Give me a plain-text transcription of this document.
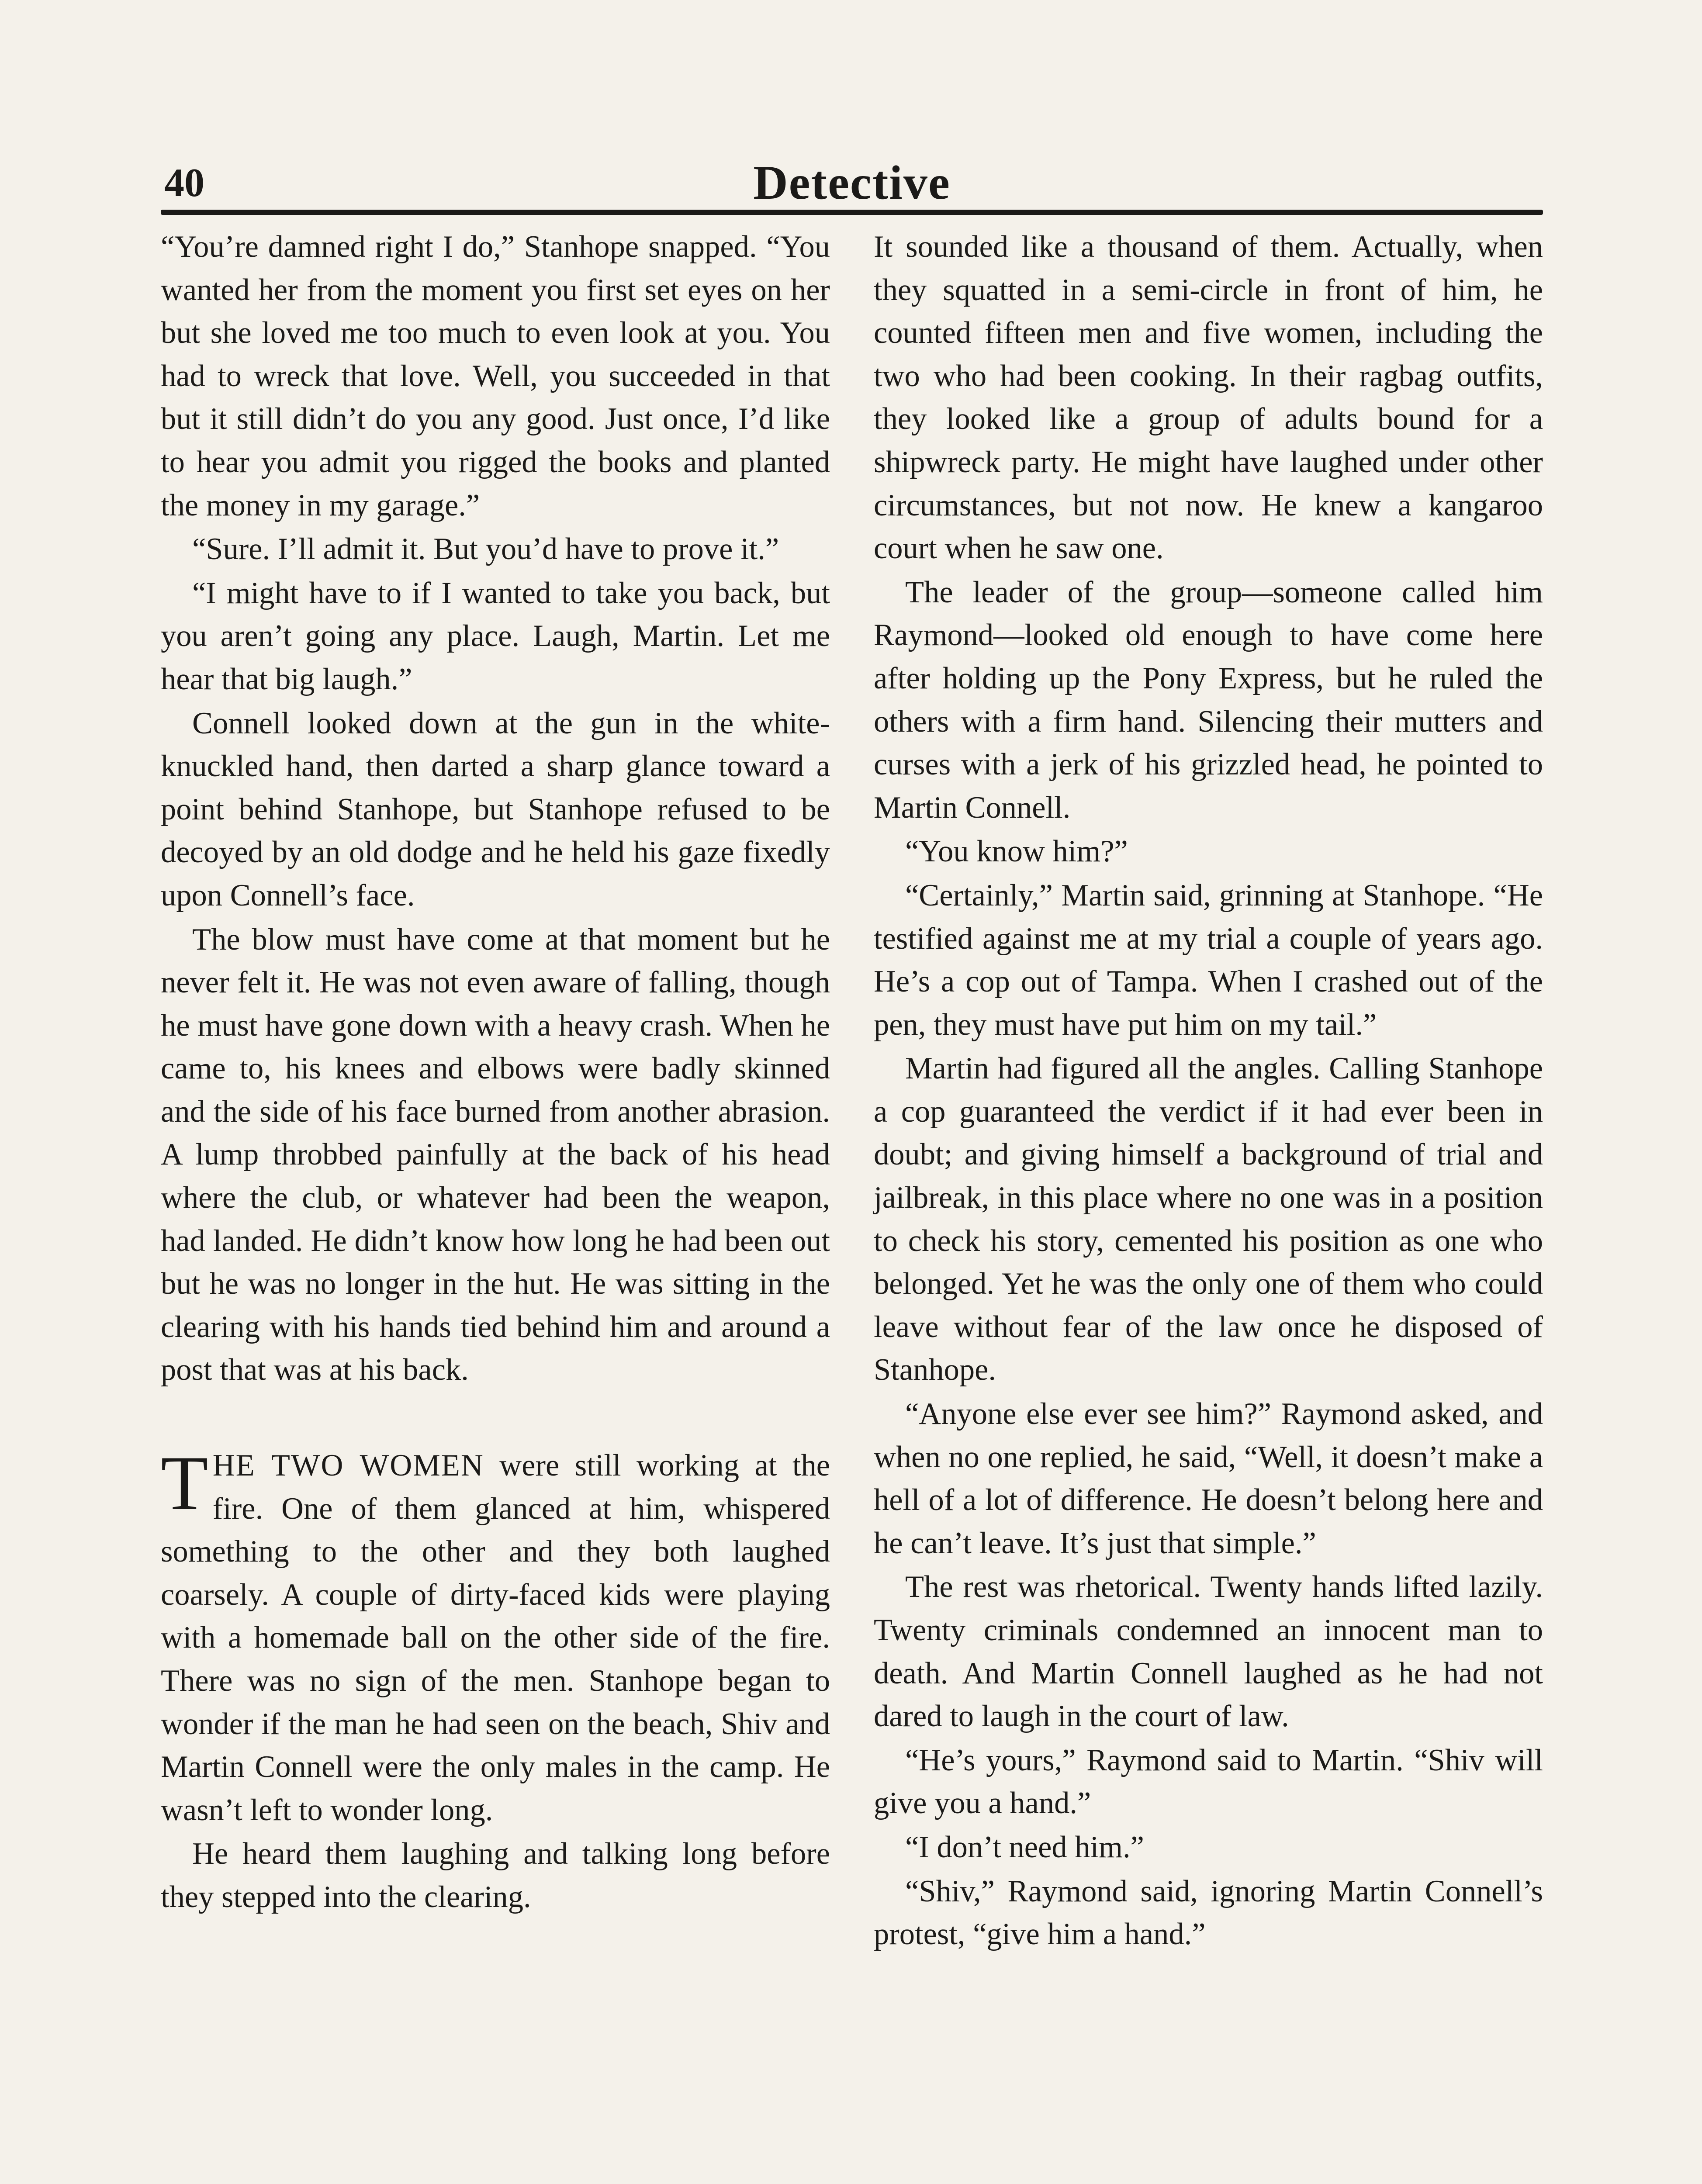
40	Detective

“You’re damned right I do,” Stanhope snapped. “You wanted her from the moment you first set eyes on her but she loved me too much to even look at you. You had to wreck that love. Well, you succeeded in that but it still didn’t do you any good. Just once, I’d like to hear you admit you rigged the books and planted the money in my garage.”

“Sure. I’ll admit it. But you’d have to prove it.”

“I might have to if I wanted to take you back, but you aren’t going any place. Laugh, Martin. Let me hear that big laugh.”

Connell looked down at the gun in the white-knuckled hand, then darted a sharp glance toward a point behind Stanhope, but Stanhope refused to be decoyed by an old dodge and he held his gaze fixedly upon Connell’s face.

The blow must have come at that moment but he never felt it. He was not even aware of falling, though he must have gone down with a heavy crash. When he came to, his knees and elbows were badly skinned and the side of his face burned from another abrasion. A lump throbbed painfully at the back of his head where the club, or whatever had been the weapon, had landed. He didn’t know how long he had been out but he was no longer in the hut. He was sitting in the clearing with his hands tied behind him and around a post that was at his back.

THE TWO WOMEN were still working at the fire. One of them glanced at him, whispered something to the other and they both laughed coarsely. A couple of dirty-faced kids were playing with a homemade ball on the other side of the fire. There was no sign of the men. Stanhope began to wonder if the man he had seen on the beach, Shiv and Martin Connell were the only males in the camp. He wasn’t left to wonder long.

He heard them laughing and talking long before they stepped into the clearing.

It sounded like a thousand of them. Actually, when they squatted in a semi-circle in front of him, he counted fifteen men and five women, including the two who had been cooking. In their ragbag outfits, they looked like a group of adults bound for a shipwreck party. He might have laughed under other circumstances, but not now. He knew a kangaroo court when he saw one.

The leader of the group—someone called him Raymond—looked old enough to have come here after holding up the Pony Express, but he ruled the others with a firm hand. Silencing their mutters and curses with a jerk of his grizzled head, he pointed to Martin Connell.

“You know him?”

“Certainly,” Martin said, grinning at Stanhope. “He testified against me at my trial a couple of years ago. He’s a cop out of Tampa. When I crashed out of the pen, they must have put him on my tail.”

Martin had figured all the angles. Calling Stanhope a cop guaranteed the verdict if it had ever been in doubt; and giving himself a background of trial and jailbreak, in this place where no one was in a position to check his story, cemented his position as one who belonged. Yet he was the only one of them who could leave without fear of the law once he disposed of Stanhope.

“Anyone else ever see him?” Raymond asked, and when no one replied, he said, “Well, it doesn’t make a hell of a lot of difference. He doesn’t belong here and he can’t leave. It’s just that simple.”

The rest was rhetorical. Twenty hands lifted lazily. Twenty criminals condemned an innocent man to death. And Martin Connell laughed as he had not dared to laugh in the court of law.

“He’s yours,” Raymond said to Martin. “Shiv will give you a hand.”

“I don’t need him.”

“Shiv,” Raymond said, ignoring Martin Connell’s protest, “give him a hand.”
